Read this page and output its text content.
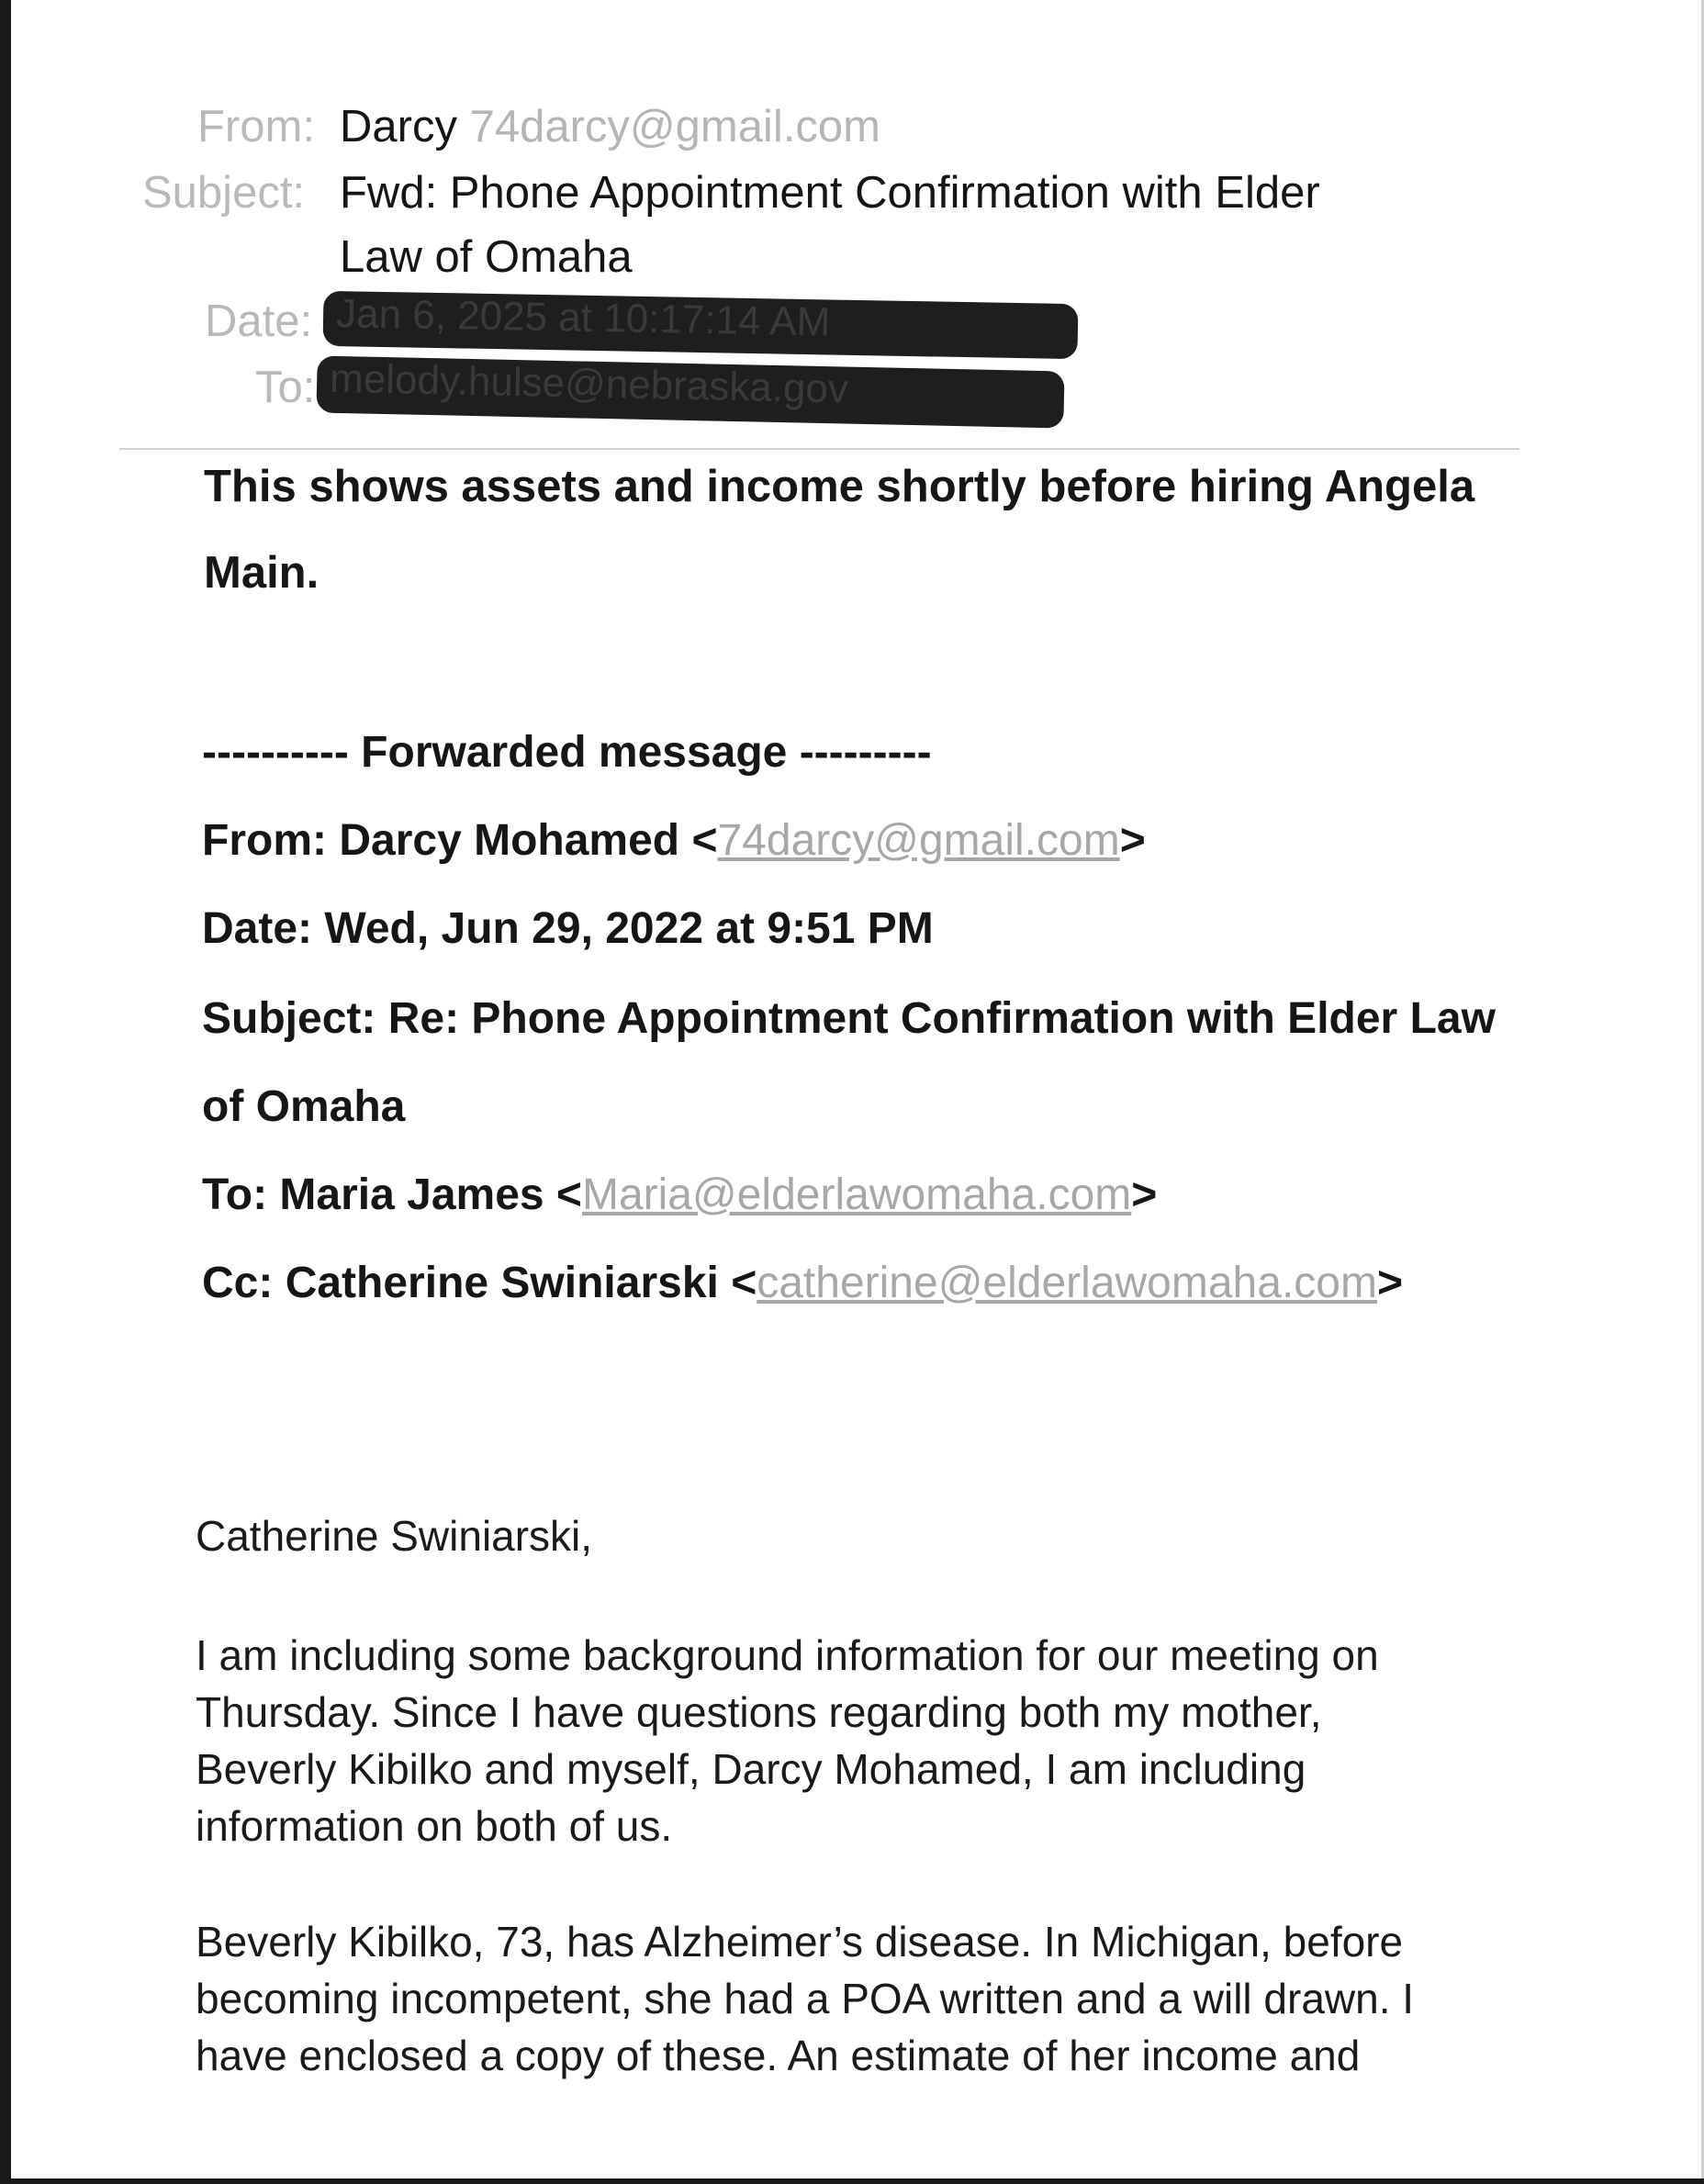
From: Darcy 74darcy@gmail.com
Subject: Fwd: Phone Appointment Confirmation with Elder
Law of Omaha
Date: Jan 6, 2025 at 10:17:14 AM
To: melody.hulse@nebraska.gov
This shows assets and income shortly before hiring Angela
Main.
---------- Forwarded message ---------
From: Darcy Mohamed <74darcy@gmail.com>
Date: Wed, Jun 29, 2022 at 9:51 PM
Subject: Re: Phone Appointment Confirmation with Elder Law
of Omaha
To: Maria James <Maria@elderlawomaha.com>
Cc: Catherine Swiniarski <catherine@elderlawomaha.com>
Catherine Swiniarski,
I am including some background information for our meeting on
Thursday. Since I have questions regarding both my mother,
Beverly Kibilko and myself, Darcy Mohamed, I am including
information on both of us.
Beverly Kibilko, 73, has Alzheimer’s disease. In Michigan, before
becoming incompetent, she had a POA written and a will drawn. I
have enclosed a copy of these. An estimate of her income and
